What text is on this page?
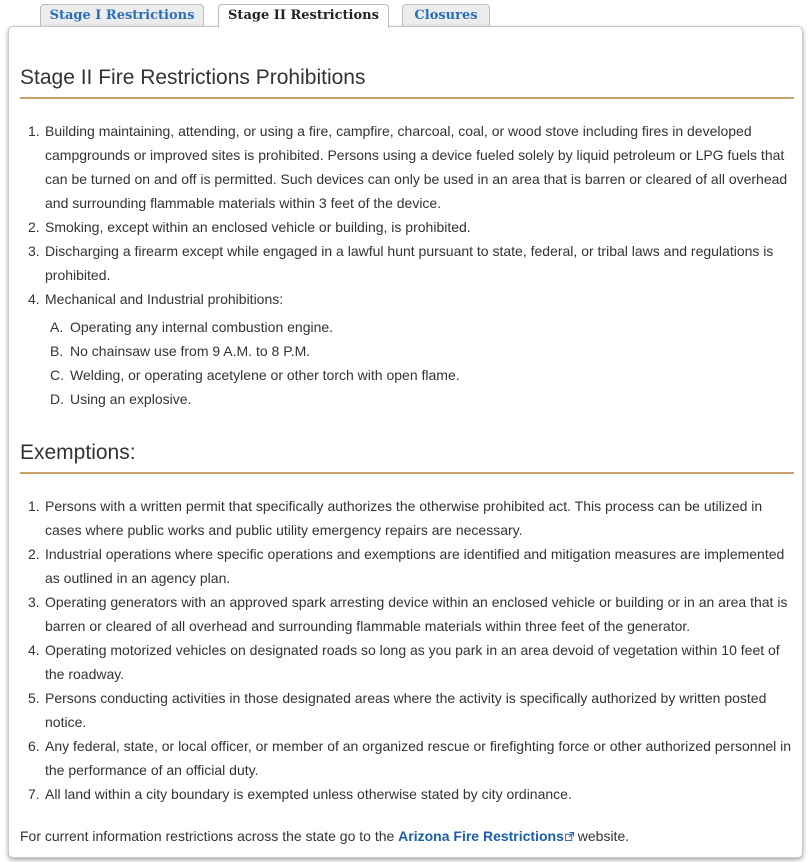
Stage I Restrictions	Stage II Restrictions	Closures
Stage II Fire Restrictions Prohibitions
1. Building maintaining, attending, or using a fire, campfire, charcoal, coal, or wood stove including fires in developed campgrounds or improved sites is prohibited. Persons using a device fueled solely by liquid petroleum or LPG fuels that can be turned on and off is permitted. Such devices can only be used in an area that is barren or cleared of all overhead and surrounding flammable materials within 3 feet of the device.
2. Smoking, except within an enclosed vehicle or building, is prohibited.
3. Discharging a firearm except while engaged in a lawful hunt pursuant to state, federal, or tribal laws and regulations is prohibited.
4. Mechanical and Industrial prohibitions:
A. Operating any internal combustion engine.
B. No chainsaw use from 9 A.M. to 8 P.M.
C. Welding, or operating acetylene or other torch with open flame.
D. Using an explosive.
Exemptions:
1. Persons with a written permit that specifically authorizes the otherwise prohibited act. This process can be utilized in cases where public works and public utility emergency repairs are necessary.
2. Industrial operations where specific operations and exemptions are identified and mitigation measures are implemented as outlined in an agency plan.
3. Operating generators with an approved spark arresting device within an enclosed vehicle or building or in an area that is barren or cleared of all overhead and surrounding flammable materials within three feet of the generator.
4. Operating motorized vehicles on designated roads so long as you park in an area devoid of vegetation within 10 feet of the roadway.
5. Persons conducting activities in those designated areas where the activity is specifically authorized by written posted notice.
6. Any federal, state, or local officer, or member of an organized rescue or firefighting force or other authorized personnel in the performance of an official duty.
7. All land within a city boundary is exempted unless otherwise stated by city ordinance.
For current information restrictions across the state go to the Arizona Fire Restrictions website.
